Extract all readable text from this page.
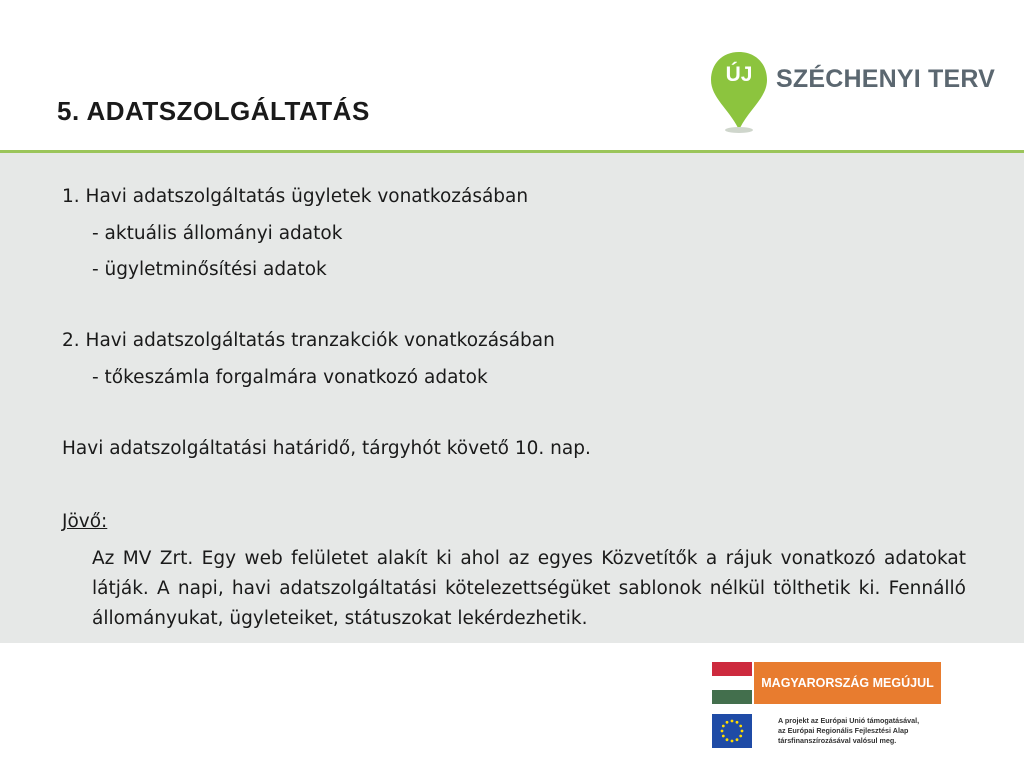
5. ADATSZOLGÁLTATÁS
ÚJ SZÉCHENYI TERV
1. Havi adatszolgáltatás ügyletek vonatkozásában
- aktuális állományi adatok
- ügyletminősítési adatok
2. Havi adatszolgáltatás tranzakciók vonatkozásában
- tőkeszámla forgalmára vonatkozó adatok
Havi adatszolgáltatási határidő, tárgyhót követő 10. nap.
Jövő:

Az MV Zrt. Egy web felületet alakít ki ahol az egyes Közvetítők a rájuk vonatkozó adatokat látják. A napi, havi adatszolgáltatási kötelezettségüket sablonok nélkül tölthetik ki. Fennálló állományukat, ügyleteiket, státuszokat lekérdezhetik.

MAGYARORSZÁG MEGÚJUL
A projekt az Európai Unió támogatásával,
az Európai Regionális Fejlesztési Alap
társfinanszírozásával valósul meg.
